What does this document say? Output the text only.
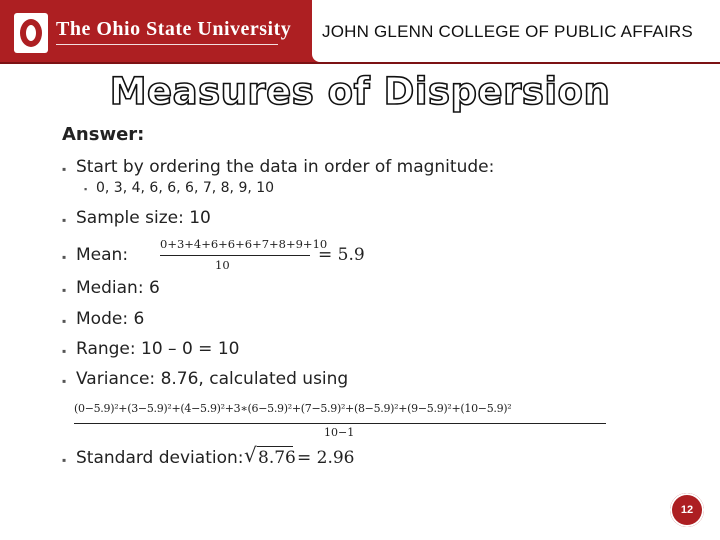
The Ohio State University JOHN GLENN COLLEGE OF PUBLIC AFFAIRS
Measures of Dispersion
Answer:
▪ Start by ordering the data in order of magnitude:
▪ 0, 3, 4, 6, 6, 6, 7, 8, 9, 10
▪ Sample size: 10
▪ Mean:
0+3+4+6+6+6+7+8+9+10
10	= 5.9
▪ Median: 6
▪ Mode: 6
▪ Range: 10 – 0 = 10
▪ Variance: 8.76, calculated using
(0−5.9)²+(3−5.9)²+(4−5.9)²+3∗(6−5.9)²+(7−5.9)²+(8−5.9)²+(9−5.9)²+(10−5.9)²
10−1
▪ Standard deviation: √ 8.76 = 2.96
12
